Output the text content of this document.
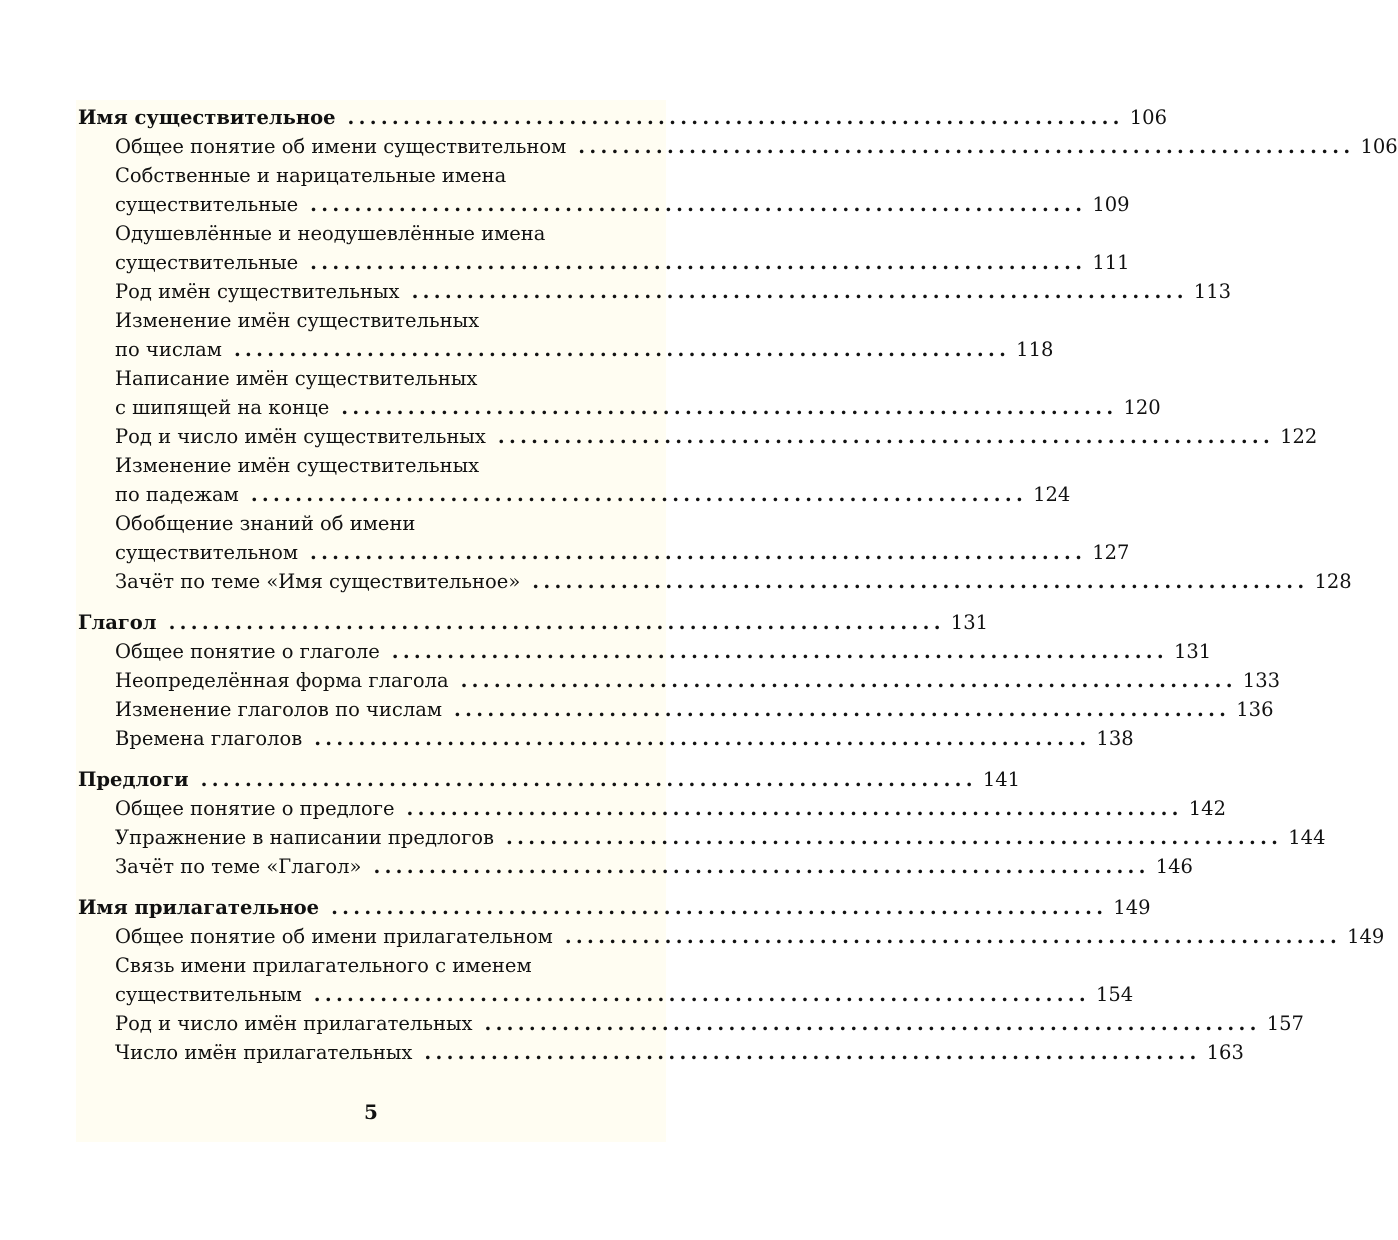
Имя существительное ...................................................................... 106
Общее понятие об имени существительном ...................................................................... 106
Собственные и нарицательные имена
существительные ...................................................................... 109
Одушевлённые и неодушевлённые имена
существительные ...................................................................... 111
Род имён существительных ...................................................................... 113
Изменение имён существительных
по числам ...................................................................... 118
Написание имён существительных
с шипящей на конце ...................................................................... 120
Род и число имён существительных ...................................................................... 122
Изменение имён существительных
по падежам ...................................................................... 124
Обобщение знаний об имени
существительном ...................................................................... 127
Зачёт по теме «Имя существительное» ...................................................................... 128
Глагол ...................................................................... 131
Общее понятие о глаголе ...................................................................... 131
Неопределённая форма глагола ...................................................................... 133
Изменение глаголов по числам ...................................................................... 136
Времена глаголов ...................................................................... 138
Предлоги ...................................................................... 141
Общее понятие о предлоге ...................................................................... 142
Упражнение в написании предлогов ...................................................................... 144
Зачёт по теме «Глагол» ...................................................................... 146
Имя прилагательное ...................................................................... 149
Общее понятие об имени прилагательном ...................................................................... 149
Связь имени прилагательного с именем
существительным ...................................................................... 154
Род и число имён прилагательных ...................................................................... 157
Число имён прилагательных ...................................................................... 163
5
